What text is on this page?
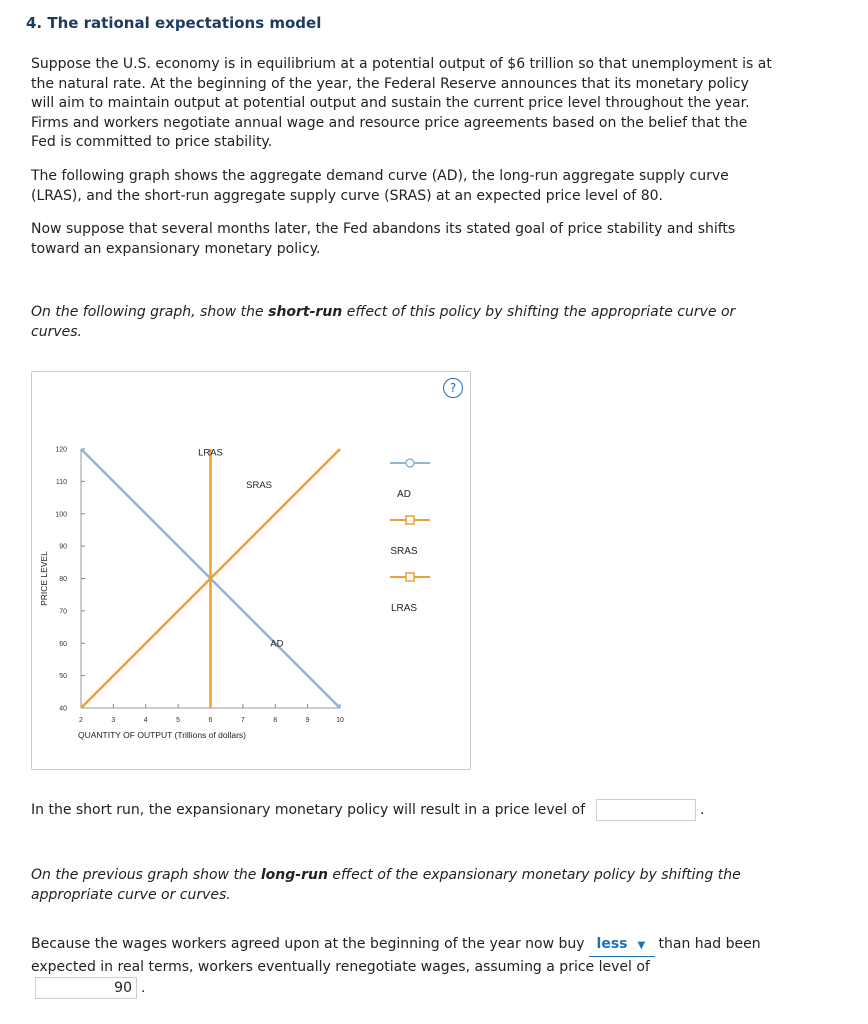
4. The rational expectations model

Suppose the U.S. economy is in equilibrium at a potential output of $6 trillion so that unemployment is at the natural rate. At the beginning of the year, the Federal Reserve announces that its monetary policy will aim to maintain output at potential output and sustain the current price level throughout the year. Firms and workers negotiate annual wage and resource price agreements based on the belief that the Fed is committed to price stability.

The following graph shows the aggregate demand curve (AD), the long-run aggregate supply curve (LRAS), and the short-run aggregate supply curve (SRAS) at an expected price level of 80.

Now suppose that several months later, the Fed abandons its stated goal of price stability and shifts toward an expansionary monetary policy.

On the following graph, show the short-run effect of this policy by shifting the appropriate curve or curves.

?
40
50
60
70
80
90
100
110
120
2	3	4	5	6	7	8	9	10
QUANTITY OF OUTPUT (Trillions of dollars)
PRICE LEVEL
LRAS
SRAS
AD
AD
SRAS
LRAS

In the short run, the expansionary monetary policy will result in a price level of	.

On the previous graph show the long-run effect of the expansionary monetary policy by shifting the appropriate curve or curves.

Because the wages workers agreed upon at the beginning of the year now buy less ▼ than had been expected in real terms, workers eventually renegotiate wages, assuming a price level of
90 .
